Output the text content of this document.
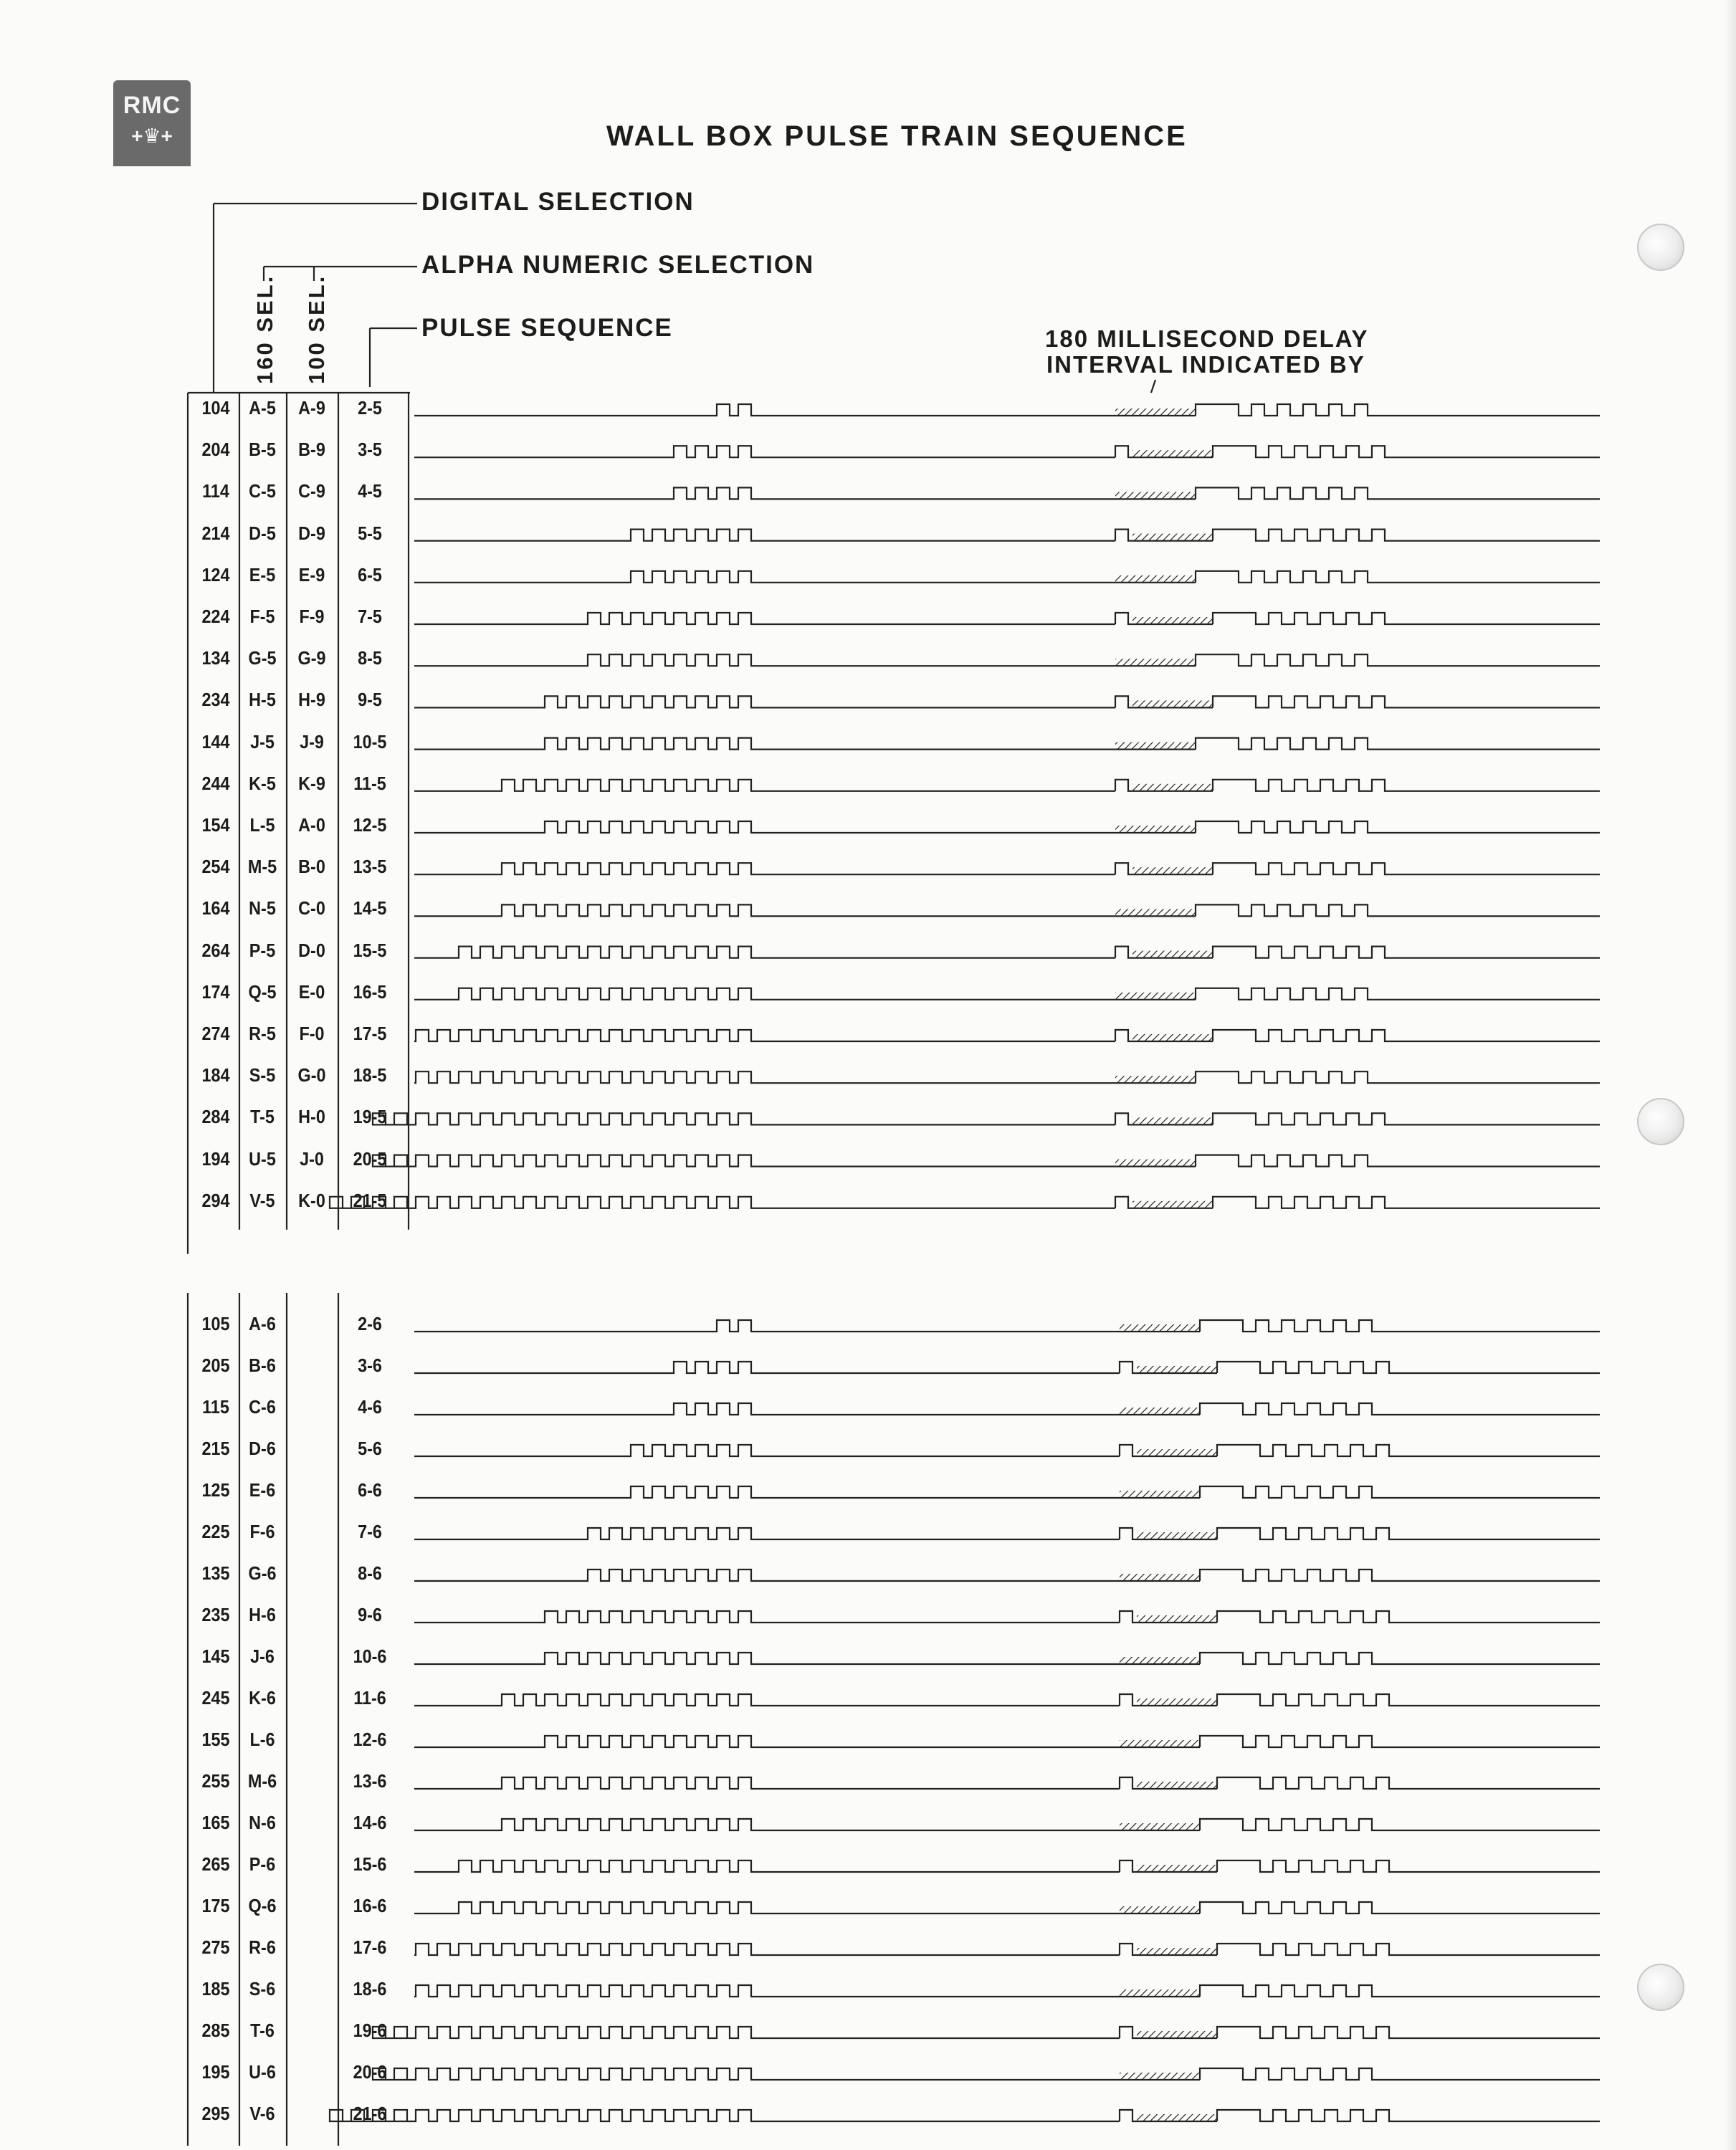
RMC
+♛+	WALL BOX PULSE TRAIN SEQUENCE
DIGITAL SELECTION
ALPHA NUMERIC SELECTION
PULSE SEQUENCE	180 MILLISECOND DELAY
INTERVAL INDICATED BY
160 SEL. 100 SEL.
104	A-5	A-9	2-5
204	B-5	B-9	3-5
114	C-5	C-9	4-5
214	D-5	D-9	5-5
124	E-5	E-9	6-5
224	F-5	F-9	7-5
134 G-5	G-9	8-5
234	H-5	H-9	9-5
144	J-5	J-9	10-5
244	K-5	K-9	11-5
154	L-5	A-0	12-5
254 M-5	B-0	13-5
164	N-5	C-0	14-5
264	P-5	D-0	15-5
174 Q-5	E-0	16-5
274	R-5	F-0	17-5
184	S-5	G-0	18-5
284	T-5	H-0	19-5
194	U-5	J-0	20-5
294	V-5	K-0	21-5
105	A-6	2-6
205	B-6	3-6
115	C-6	4-6
215	D-6	5-6
125	E-6	6-6
225	F-6	7-6
135 G-6	8-6
235	H-6	9-6
145	J-6	10-6
245	K-6	11-6
155	L-6	12-6
255 M-6	13-6
165	N-6	14-6
265	P-6	15-6
175 Q-6	16-6
275	R-6	17-6
185	S-6	18-6
285	T-6	19-6
195	U-6	20-6
295	V-6	21-6
